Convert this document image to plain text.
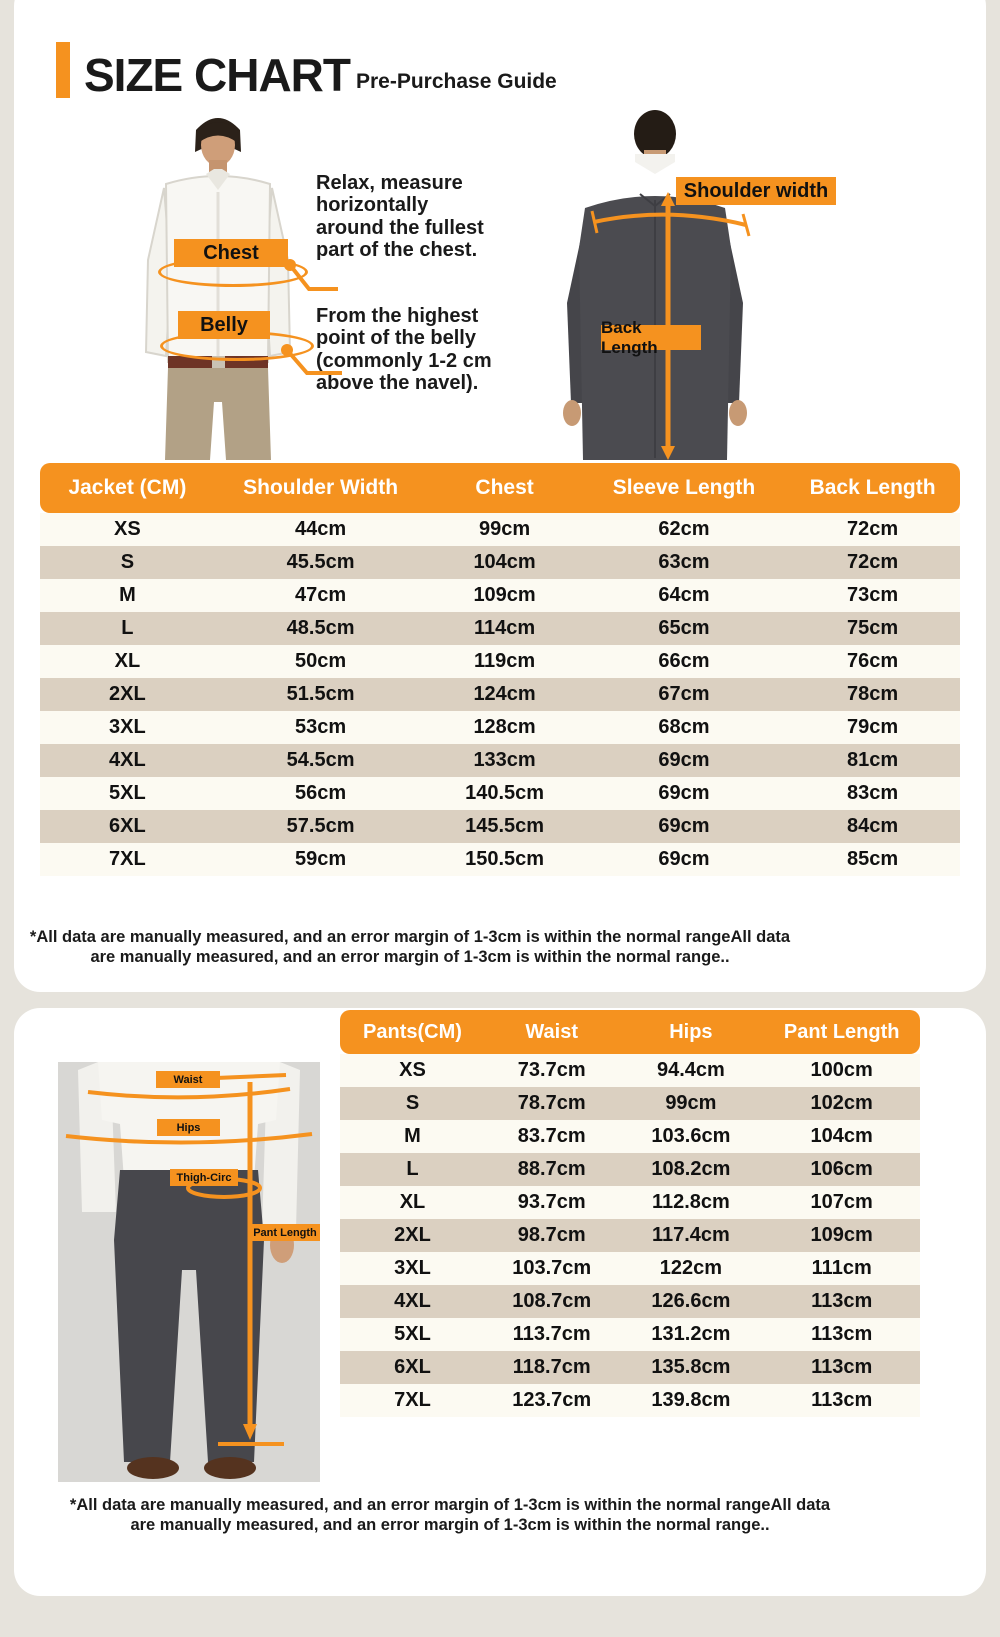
SIZE CHART Pre-Purchase Guide
Chest
Belly
Relax, measure horizontally around the fullest part of the chest.
From the highest point of the belly (commonly 1-2 cm above the navel).
Shoulder width
Back Length
Jacket (CM)	Shoulder Width	Chest	Sleeve Length	Back Length
XS	44cm	99cm	62cm	72cm
S	45.5cm	104cm	63cm	72cm
M	47cm	109cm	64cm	73cm
L	48.5cm	114cm	65cm	75cm
XL	50cm	119cm	66cm	76cm
2XL	51.5cm	124cm	67cm	78cm
3XL	53cm	128cm	68cm	79cm
4XL	54.5cm	133cm	69cm	81cm
5XL	56cm	140.5cm	69cm	83cm
6XL	57.5cm	145.5cm	69cm	84cm
7XL	59cm	150.5cm	69cm	85cm
*All data are manually measured, and an error margin of 1-3cm is within the normal rangeAll data
are manually measured, and an error margin of 1-3cm is within the normal range..
Waist
Hips
Thigh-Circ
Pant Length
Pants(CM)	Waist	Hips	Pant Length
XS	73.7cm	94.4cm	100cm
S	78.7cm	99cm	102cm
M	83.7cm	103.6cm	104cm
L	88.7cm	108.2cm	106cm
XL	93.7cm	112.8cm	107cm
2XL	98.7cm	117.4cm	109cm
3XL	103.7cm	122cm	111cm
4XL	108.7cm	126.6cm	113cm
5XL	113.7cm	131.2cm	113cm
6XL	118.7cm	135.8cm	113cm
7XL	123.7cm	139.8cm	113cm
*All data are manually measured, and an error margin of 1-3cm is within the normal rangeAll data
are manually measured, and an error margin of 1-3cm is within the normal range..
